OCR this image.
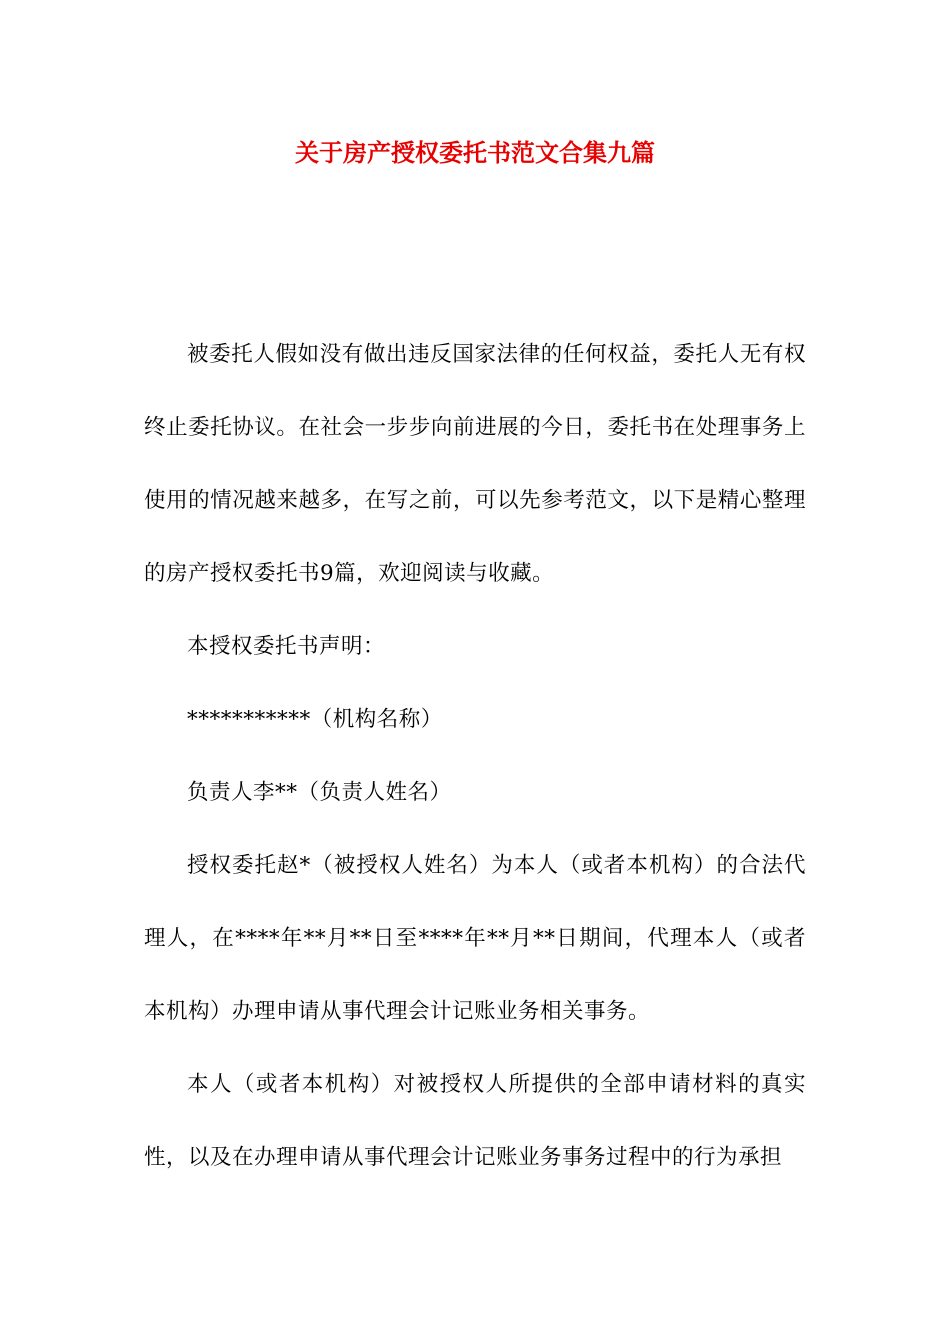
关于房产授权委托书范文合集九篇

被委托人假如没有做出违反国家法律的任何权益，委托人无有权终止委托协议。在社会一步步向前进展的今日，委托书在处理事务上使用的情况越来越多，在写之前，可以先参考范文，以下是精心整理的房产授权委托书9篇，欢迎阅读与收藏。

本授权委托书声明：

***********（机构名称）

负责人李**（负责人姓名）

授权委托赵*（被授权人姓名）为本人（或者本机构）的合法代理人，在****年**月**日至****年**月**日期间，代理本人（或者本机构）办理申请从事代理会计记账业务相关事务。

本人（或者本机构）对被授权人所提供的全部申请材料的真实性，以及在办理申请从事代理会计记账业务事务过程中的行为承担
